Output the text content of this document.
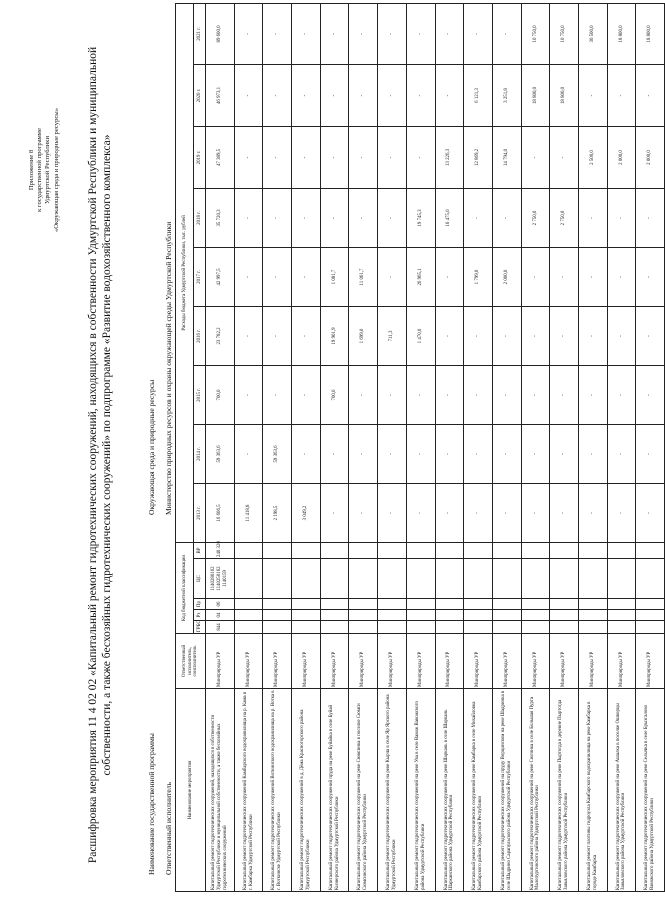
Приложение 8 к государственной программе Удмуртской Республики «Окружающая среда и природные ресурсы» Расшифровка мероприятия 11 4 02 02 «Капитальный ремонт гидротехнических сооружений, находящихся в собственности Удмуртской Республики и муниципальной собственности, а также бесхозяйных гидротехнических сооружений» по подпрограмме «Развитие водохозяйственного комплекса»
Наименование государственной программы
Окружающая среда и природные ресурсы
Ответственный исполнитель
Министерство природных ресурсов и охраны окружающей среды Удмуртской Республики
Наименование мероприятия	Ответственный исполнитель, соисполнитель	Код бюджетной классификации					Расходы бюджета Удмуртской Республики, тыс. рублей								
		ГРБС	Рз	Пр	ЦС	ВР	2013 г.	2014 г.	2015 г.	2016 г.	2017 г.	2018 г.	2019 г.	2020 г.	2021 г.
Капитальный ремонт гидротехнических сооружений, находящихся в собственности Удмуртской Республики и муниципальной собственности, а также бесхозяйных гидротехнических сооружений	Минприроды УР	844	04	06	1140280162 1140250162 1140159	240 320	16 606,5	59 363,6	700,0	23 782,2	42 997,5	35 720,3	47 389,5	46 973,1	89 600,0
Капитальный ремонт гидротехнических сооружений Камбарского водохранилища на р. Кама в г. Камбарка Удмуртской Республики	Минприроды УР						11 418,8	-	-	-	-	-	-	-	-
Капитальный ремонт гидротехнических сооружений Воткинского водохранилища на р. Вотка в г. Воткинске Удмуртской Республики	Минприроды УР						2 198,5	59 363,6	-	-	-	-	-	-	-
Капитальный ремонт гидротехнических сооружений в д. Дёма Красногорского района Удмуртской Республики	Минприроды УР						3 049,2	-	-	-	-	-	-	-	-
Капитальный ремонт гидротехнических сооружений пруда на реке Буйайка в селе Буйай Кизнерского района Удмуртской Республики	Минприроды УР						-	-	700,0	19 901,9	1 081,7	-	-	-	-
Капитальный ремонт гидротехнических сооружений на реке Сюмсинка в поселке Сюмси Сюмсинского района Удмуртской Республики	Минприроды УР						-	-	-	1 699,0	11 061,7	-	-	-	-
Капитальный ремонт гидротехнических сооружений на реке Кырча в селе Яр Ярского района Удмуртской Республики	Минприроды УР						-	-	-	711,3	-	-	-	-	-
Капитальный ремонт гидротехнических сооружений на реке Ува в селе Вавож Вавожского района Удмуртской Республики	Минприроды УР						-	-	-	1 470,0	26 965,1	19 745,3	-	-	-
Капитальный ремонт гидротехнических сооружений на реке Шаркань в селе Шаркань Шарканского района Удмуртской Республики	Минприроды УР						-	-	-	-	-	10 475,0	13 226,3	-	-
Капитальный ремонт гидротехнических сооружений на реке Камбарка в селе Михайловка Камбарского района Удмуртской Республики	Минприроды УР						-	-	-	-	1 799,0	-	12 869,2	6 121,3	-
Капитальный ремонт гидротехнических сооружений на пруду Ворцинском на реке Шадринка в селе Шадрино Сарапульского района Удмуртской Республики	Минприроды УР						-	-	-	-	2 000,0	-	14 794,0	3 251,8	-
Капитальный ремонт гидротехнических сооружений на реке Сюгинка в селе Большая Пурга Малопургинского района Удмуртской Республики	Минприроды УР						-	-	-	-	-	2 750,0	-	18 800,0	10 750,0
Капитальный ремонт гидротехнических сооружений на реке Пыртогда в деревне Пыртогда Завьяловского района Удмуртской Республики	Минприроды УР						-	-	-	-	-	2 750,0	-	18 800,0	10 750,0
Капитальный ремонт плотины гидроузла Камбарского водохранилища на реке Камбарка в городе Камбарка	Минприроды УР						-	-	-	-	-	-	2 500,0	-	30 500,0
Капитальный ремонт гидротехнических сооружений на реке Ашалка в поселке Ошворцы Завьяловского района Удмуртской Республики	Минприроды УР						-	-	-	-	-	-	2 000,0	-	18 800,0
Капитальный ремонт гидротехнических сооружений на реке Селычка в селе Брызгалово Вавожского района Удмуртской Республики	Минприроды УР						-	-	-	-	-	-	2 000,0	-	18 800,0
